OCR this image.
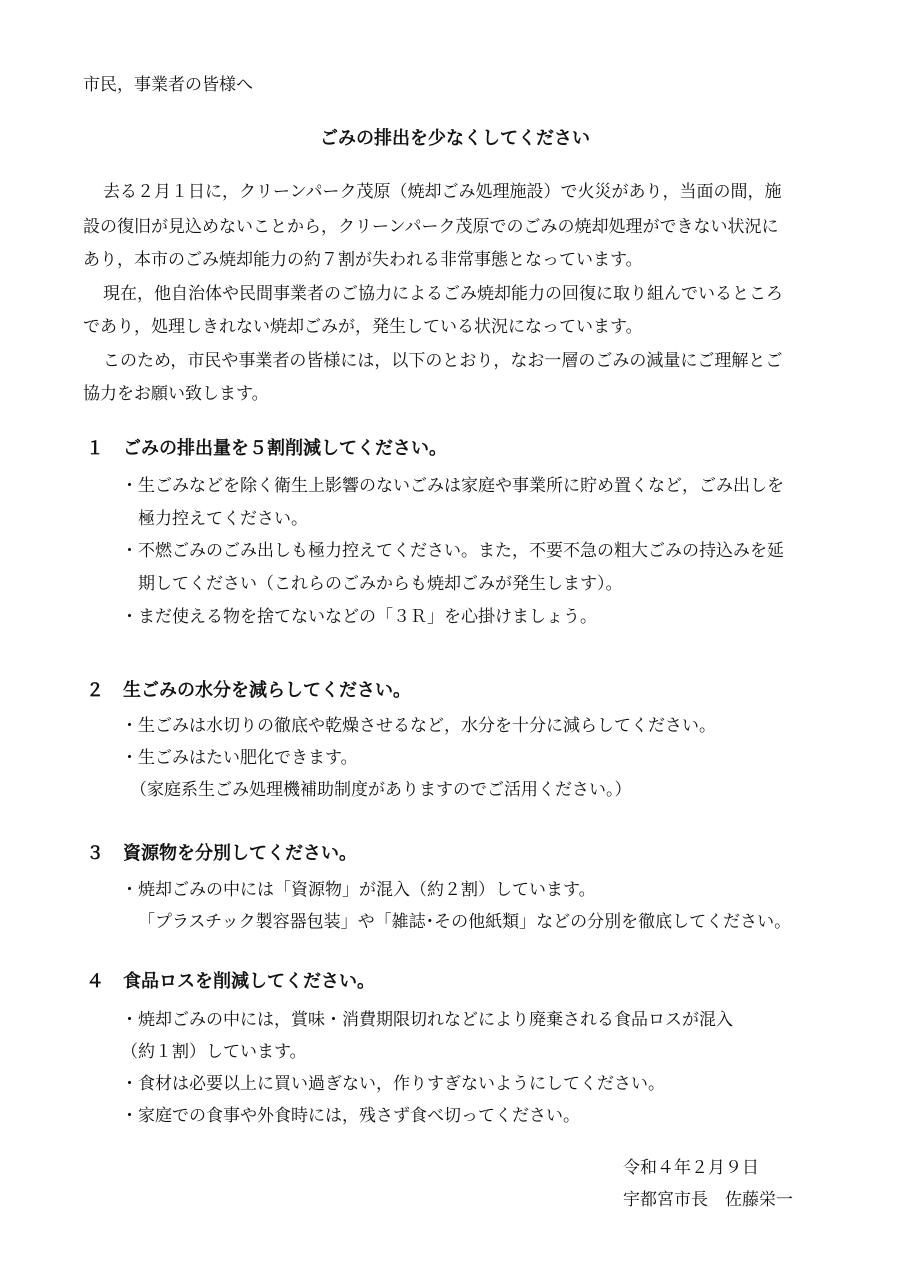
市民，事業者の皆様へ
ごみの排出を少なくしてください
去る２月１日に，クリーンパーク茂原（焼却ごみ処理施設）で火災があり，当面の間，施
設の復旧が見込めないことから，クリーンパーク茂原でのごみの焼却処理ができない状況に
あり，本市のごみ焼却能力の約７割が失われる非常事態となっています。
現在，他自治体や民間事業者のご協力によるごみ焼却能力の回復に取り組んでいるところ
であり，処理しきれない焼却ごみが，発生している状況になっています。
このため，市民や事業者の皆様には，以下のとおり，なお一層のごみの減量にご理解とご
協力をお願い致します。
１ ごみの排出量を５割削減してください。
・生ごみなどを除く衛生上影響のないごみは家庭や事業所に貯め置くなど，ごみ出しを
極力控えてください。
・不燃ごみのごみ出しも極力控えてください。また，不要不急の粗大ごみの持込みを延
期してください（これらのごみからも焼却ごみが発生します）。
・まだ使える物を捨てないなどの「３Ｒ」を心掛けましょう。
２ 生ごみの水分を減らしてください。
・生ごみは水切りの徹底や乾燥させるなど，水分を十分に減らしてください。
・生ごみはたい肥化できます。
（家庭系生ごみ処理機補助制度がありますのでご活用ください。）
３ 資源物を分別してください。
・焼却ごみの中には「資源物」が混入（約２割）しています。
「プラスチック製容器包装」や「雑誌･その他紙類」などの分別を徹底してください。
４ 食品ロスを削減してください。
・焼却ごみの中には，賞味・消費期限切れなどにより廃棄される食品ロスが混入
（約１割）しています。
・食材は必要以上に買い過ぎない，作りすぎないようにしてください。
・家庭での食事や外食時には，残さず食べ切ってください。
令和４年２月９日
宇都宮市長　佐藤栄一
